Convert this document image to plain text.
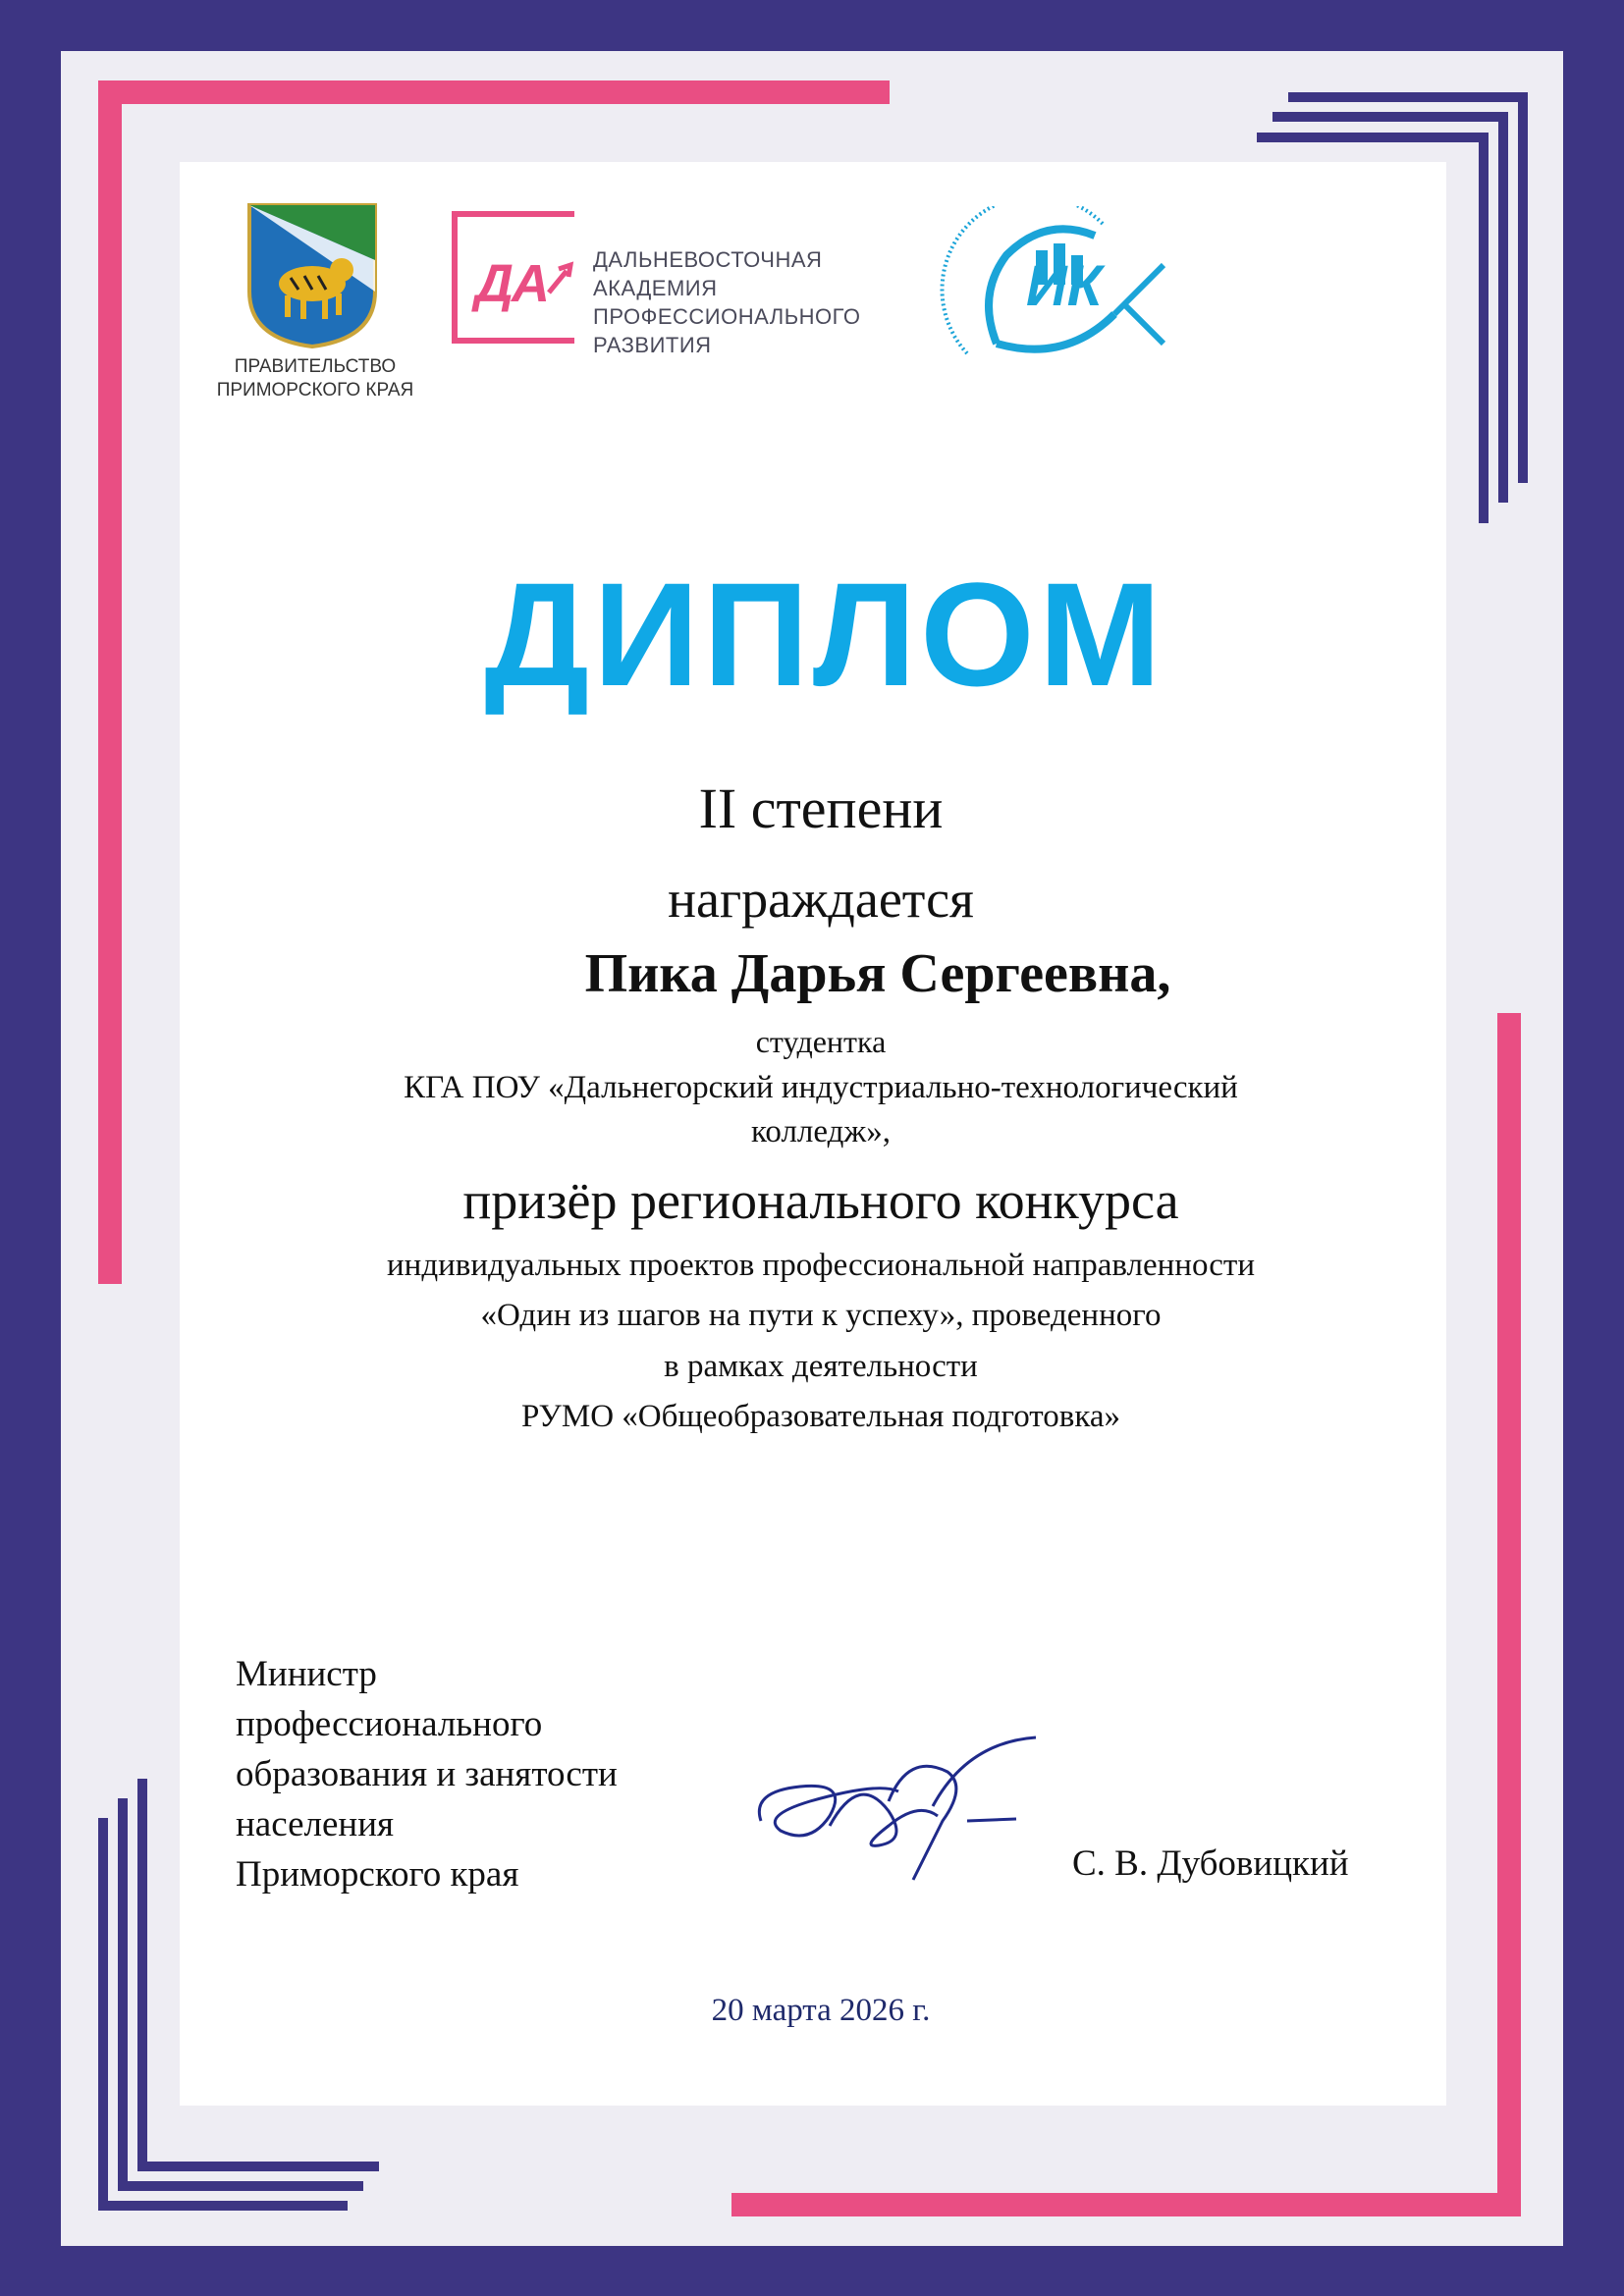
ПРАВИТЕЛЬСТВО
ПРИМОРСКОГО КРАЯ
ДА ДАЛЬНЕВОСТОЧНАЯ
АКАДЕМИЯ
ПРОФЕССИОНАЛЬНОГО
РАЗВИТИЯ
ИК
ДИПЛОМ
II степени
награждается
Пика Дарья Сергеевна,
студентка
КГА ПОУ «Дальнегорский индустриально-технологический
колледж»,
призёр регионального конкурса
индивидуальных проектов профессиональной направленности
«Один из шагов на пути к успеху», проведенного
в рамках деятельности
РУМО «Общеобразовательная подготовка»
Министр
профессионального
образования и занятости
населения
Приморского края	С. В. Дубовицкий
20 марта 2026 г.
